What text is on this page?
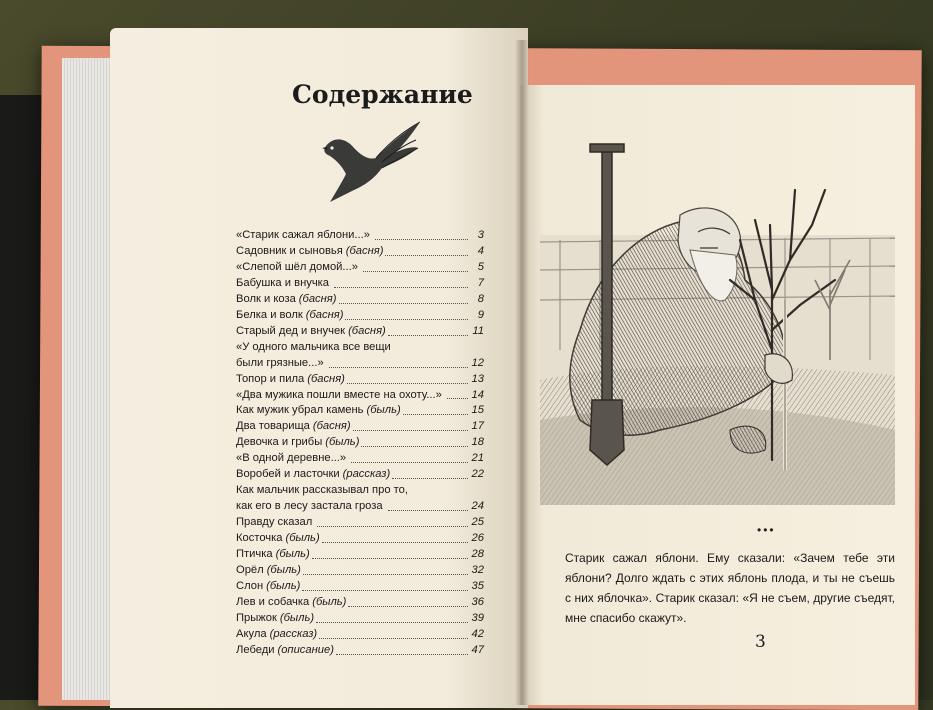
Содержание
«Старик сажал яблони...»	3
Садовник и сыновья (басня)	4
«Слепой шёл домой...»	5
Бабушка и внучка	7
Волк и коза (басня)	8
Белка и волк (басня)	9
Старый дед и внучек (басня)	11
«У одного мальчика все вещи
были грязные...»	12
Топор и пила (басня)	13
«Два мужика пошли вместе на охоту...»	14
Как мужик убрал камень (быль)	15
Два товарища (басня)	17
Девочка и грибы (быль)	18
«В одной деревне...»	21
Воробей и ласточки (рассказ)	22
Как мальчик рассказывал про то,
как его в лесу застала гроза	24
Правду сказал	25
Косточка (быль)	26
Птичка (быль)	28
Орёл (быль)	32
Слон (быль)	35
Лев и собачка (быль)	36
Прыжок (быль)	39
Акула (рассказ)	42
Лебеди (описание)	47
•••

Старик сажал яблони. Ему сказали: «Зачем тебе эти яблони? Долго ждать с этих яблонь плода, и ты не съешь с них яблочка». Старик сказал: «Я не съем, другие съедят, мне спасибо скажут».

3
